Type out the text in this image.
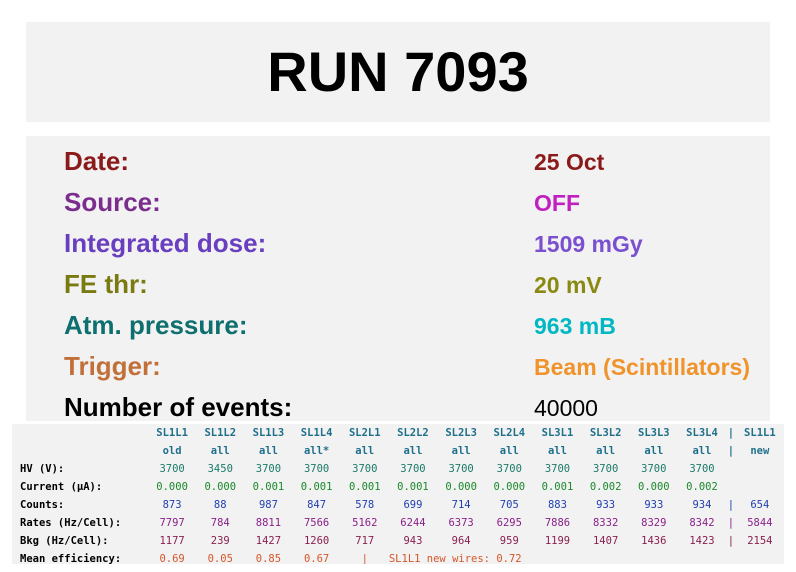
RUN 7093
Date:	25 Oct
Source:	OFF
Integrated dose:	1509 mGy
FE thr:	20 mV
Atm. pressure:	963 mB
Trigger:	Beam (Scintillators)
Number of events:	40000
	SL1L1	SL1L2	SL1L3	SL1L4	SL2L1	SL2L2	SL2L3	SL2L4	SL3L1	SL3L2	SL3L3	SL3L4	|	SL1L1
	old	all	all	all*	all	all	all	all	all	all	all	all	|	new
HV (V):	3700	3450	3700	3700	3700	3700	3700	3700	3700	3700	3700	3700		
Current (µA):	0.000	0.000	0.001	0.001	0.001	0.001	0.000	0.000	0.001	0.002	0.000	0.002		
Counts:	873	88	987	847	578	699	714	705	883	933	933	934	|	654
Rates (Hz/Cell):	7797	784	8811	7566	5162	6244	6373	6295	7886	8332	8329	8342	|	5844
Bkg (Hz/Cell):	1177	239	1427	1260	717	943	964	959	1199	1407	1436	1423	|	2154
Mean efficiency:	0.69	0.05	0.85	0.67	|	SL1L1 new wires: 0.72								
